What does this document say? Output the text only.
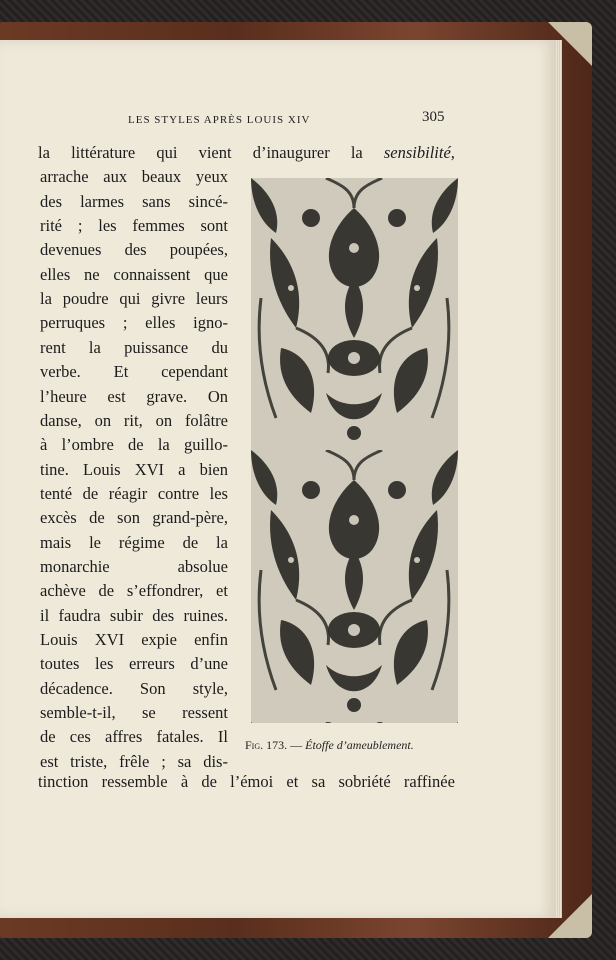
LES STYLES APRÈS LOUIS XIV	305
la littérature qui vient d’inaugurer la sensibilité,
arrache aux beaux yeux
des larmes sans sincé-
rité ; les femmes sont
devenues des poupées,
elles ne connaissent que
la poudre qui givre leurs
perruques ; elles igno-
rent la puissance du
verbe. Et cependant
l’heure est grave. On
danse, on rit, on folâtre
à l’ombre de la guillo-
tine. Louis XVI a bien
tenté de réagir contre les
excès de son grand-père,
mais le régime de la
monarchie	absolue
achève de s’effondrer, et
il faudra subir des ruines.
Louis XVI expie enfin
toutes les erreurs d’une
décadence. Son style,
semble-t-il, se ressent
de ces affres fatales. Il
est triste, frêle ; sa dis-
tinction ressemble à de l’émoi et sa sobriété raffinée
Fig. 173. — Étoffe d’ameublement.
